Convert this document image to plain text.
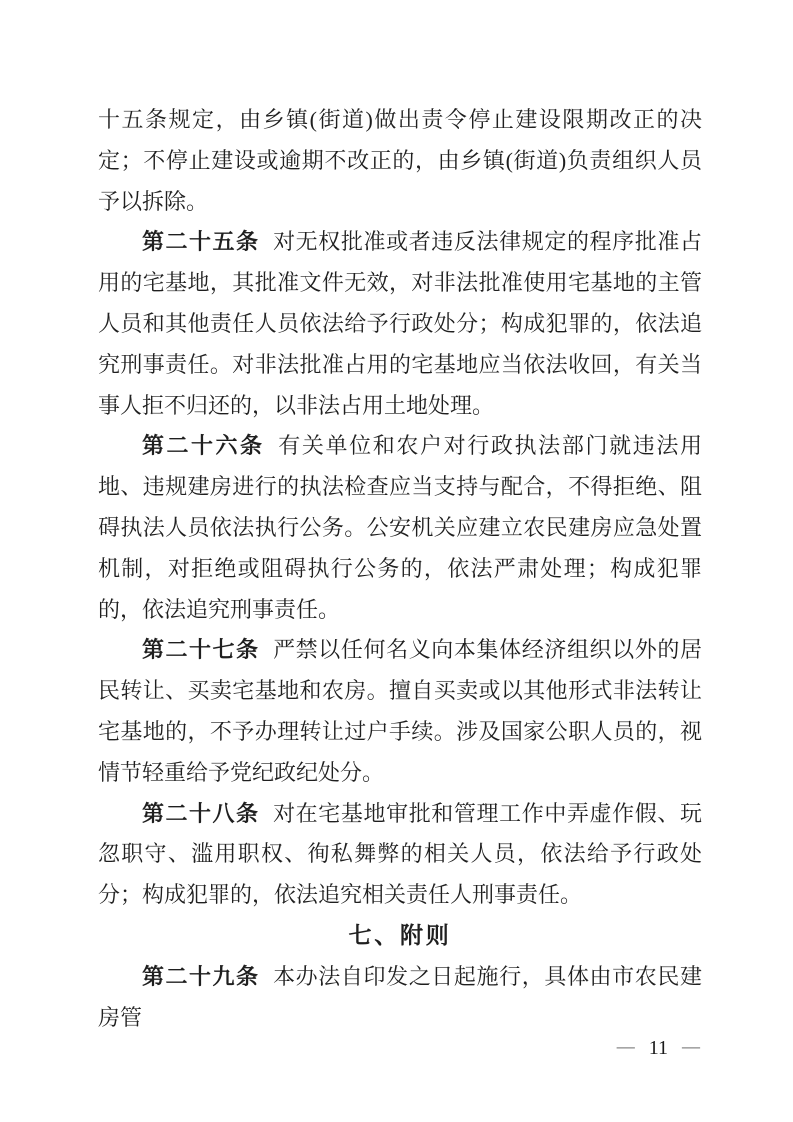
十五条规定，由乡镇(街道)做出责令停止建设限期改正的决定；不停止建设或逾期不改正的，由乡镇(街道)负责组织人员予以拆除。

第二十五条 对无权批准或者违反法律规定的程序批准占用的宅基地，其批准文件无效，对非法批准使用宅基地的主管人员和其他责任人员依法给予行政处分；构成犯罪的，依法追究刑事责任。对非法批准占用的宅基地应当依法收回，有关当事人拒不归还的，以非法占用土地处理。

第二十六条 有关单位和农户对行政执法部门就违法用地、违规建房进行的执法检查应当支持与配合，不得拒绝、阻碍执法人员依法执行公务。公安机关应建立农民建房应急处置机制，对拒绝或阻碍执行公务的，依法严肃处理；构成犯罪的，依法追究刑事责任。

第二十七条 严禁以任何名义向本集体经济组织以外的居民转让、买卖宅基地和农房。擅自买卖或以其他形式非法转让宅基地的，不予办理转让过户手续。涉及国家公职人员的，视情节轻重给予党纪政纪处分。

第二十八条 对在宅基地审批和管理工作中弄虚作假、玩忽职守、滥用职权、徇私舞弊的相关人员，依法给予行政处分；构成犯罪的，依法追究相关责任人刑事责任。

七、附则

第二十九条 本办法自印发之日起施行，具体由市农民建房管

— 11 —
